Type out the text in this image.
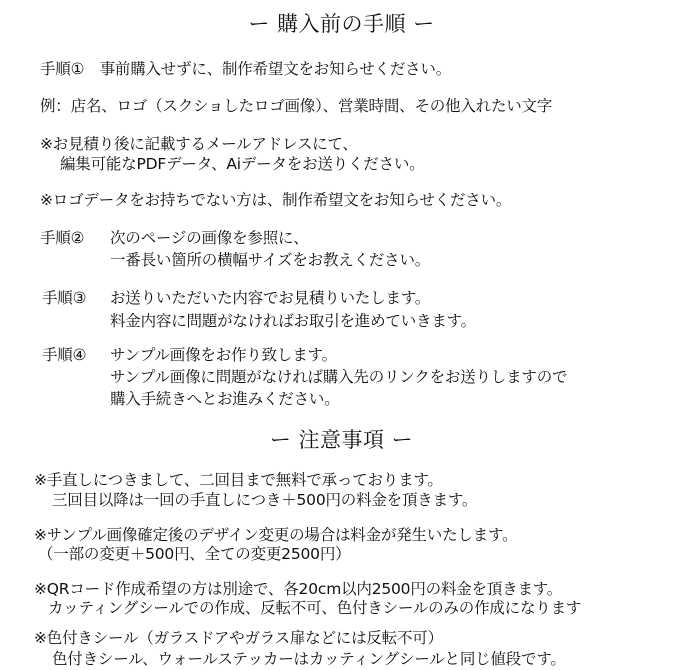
ー 購入前の手順 ー
手順①　事前購入せずに、制作希望文をお知らせください。
例：店名、ロゴ（スクショしたロゴ画像）、営業時間、その他入れたい文字
※お見積り後に記載するメールアドレスにて、
編集可能なPDFデータ、Aiデータをお送りください。
※ロゴデータをお持ちでない方は、制作希望文をお知らせください。
手順② 次のページの画像を参照に、
一番長い箇所の横幅サイズをお教えください。
手順③ お送りいただいた内容でお見積りいたします。
料金内容に問題がなければお取引を進めていきます。
手順④ サンプル画像をお作り致します。
サンプル画像に問題がなければ購入先のリンクをお送りしますので
購入手続きへとお進みください。
ー 注意事項 ー
※手直しにつきまして、二回目まで無料で承っております。
三回目以降は一回の手直しにつき＋500円の料金を頂きます。
※サンプル画像確定後のデザイン変更の場合は料金が発生いたします。
（一部の変更＋500円、全ての変更2500円）
※QRコード作成希望の方は別途で、各20cm以内2500円の料金を頂きます。
カッティングシールでの作成、反転不可、色付きシールのみの作成になります
※色付きシール（ガラスドアやガラス扉などには反転不可）
色付きシール、ウォールステッカーはカッティングシールと同じ値段です。
